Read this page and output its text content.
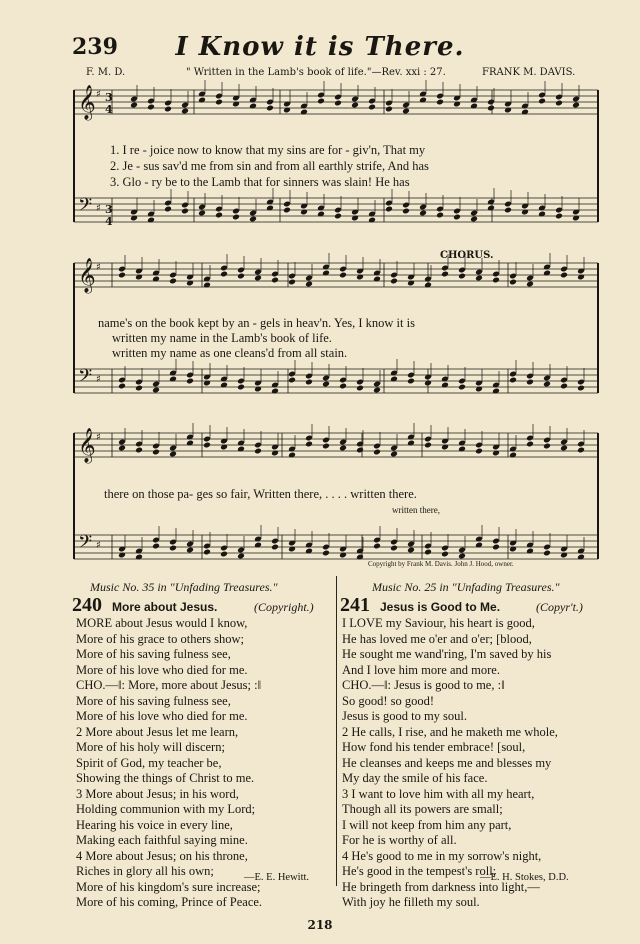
239	I Know it is There.
F. M. D.	" Written in the Lamb's book of life."—Rev. xxi : 27.	FRANK M. DAVIS.
𝄞 ♯
𝄢 ♯
𝄞 ♯
𝄢 ♯
𝄞 ♯
𝄢 ♯
3
4
3
4
1. I re - joice now to know that my sins are for - giv'n, That my
2. Je - sus sav'd me from sin and from all earthly strife, And has
3. Glo - ry be to the Lamb that for sinners was slain! He has
CHORUS.
name's on the book kept by an - gels in heav'n. Yes, I know it is
written my name in the Lamb's book of life.
written my name as one cleans'd from all stain.
there on those pa- ges so fair, Written there, . . . . written there.
written there,
Copyright by Frank M. Davis. John J. Hood, owner.
Music No. 35 in "Unfading Treasures."
240 More about Jesus.	(Copyright.)
MORE about Jesus would I know,
More of his grace to others show;
More of his saving fulness see,
More of his love who died for me.
CHO.—‖: More, more about Jesus; :‖
More of his saving fulness see,
More of his love who died for me.
2 More about Jesus let me learn,
More of his holy will discern;
Spirit of God, my teacher be,
Showing the things of Christ to me.
3 More about Jesus; in his word,
Holding communion with my Lord;
Hearing his voice in every line,
Making each faithful saying mine.
4 More about Jesus; on his throne,
Riches in glory all his own;
More of his kingdom's sure increase;
More of his coming, Prince of Peace.
—E. E. Hewitt.
Music No. 25 in "Unfading Treasures."
241 Jesus is Good to Me.	(Copyr't.)
I LOVE my Saviour, his heart is good,
He has loved me o'er and o'er; [blood,
He sought me wand'ring, I'm saved by his
And I love him more and more.
CHO.—‖: Jesus is good to me, :‖
So good! so good!
Jesus is good to my soul.
2 He calls, I rise, and he maketh me whole,
How fond his tender embrace! [soul,
He cleanses and keeps me and blesses my
My day the smile of his face.
3 I want to love him with all my heart,
Though all its powers are small;
I will not keep from him any part,
For he is worthy of all.
4 He's good to me in my sorrow's night,
He's good in the tempest's roll;
He bringeth from darkness into light,—
With joy he filleth my soul.
—E. H. Stokes, D.D.
218
